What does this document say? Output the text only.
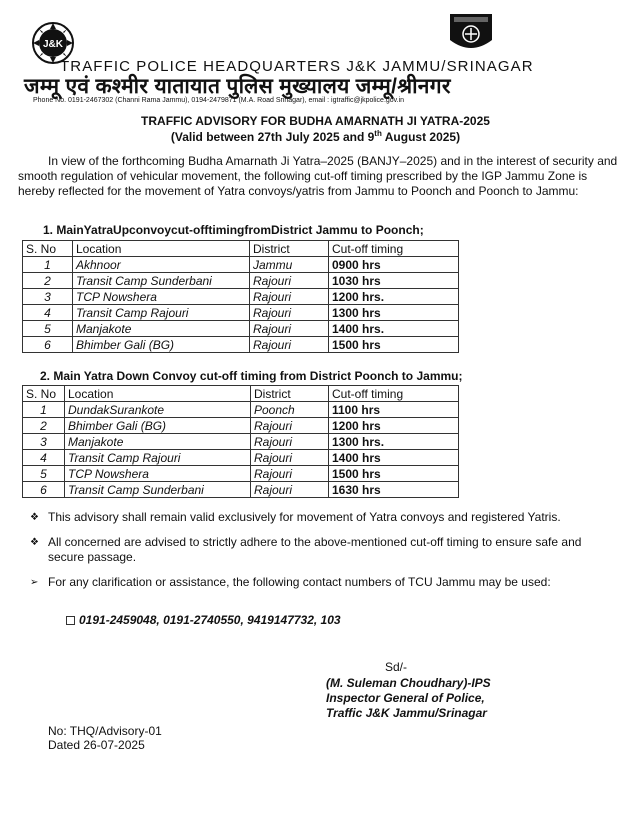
J&K
TRAFFIC POLICE HEADQUARTERS J&K JAMMU/SRINAGAR
जम्मू एवं कश्मीर यातायात पुलिस मुख्यालय जम्मू/श्रीनगर
Phone No. 0191-2467302 (Channi Rama Jammu), 0194-2479871 (M.A. Road Srinagar), email : igtraffic@jkpolice.gov.in
TRAFFIC ADVISORY FOR BUDHA AMARNATH JI YATRA-2025
(Valid between 27th July 2025 and 9th August 2025)
In view of the forthcoming Budha Amarnath Ji Yatra–2025 (BANJY–2025) and in the interest of security and smooth regulation of vehicular movement, the following cut-off timing prescribed by the IGP Jammu Zone is hereby reflected for the movement of Yatra convoys/yatris from Jammu to Poonch and Poonch to Jammu:
1. MainYatraUpconvoycut-offtimingfromDistrict Jammu to Poonch;
S. No	Location	District	Cut-off timing
1	Akhnoor	Jammu	0900 hrs
2	Transit Camp Sunderbani	Rajouri	1030 hrs
3	TCP Nowshera	Rajouri	1200 hrs.
4	Transit Camp Rajouri	Rajouri	1300 hrs
5	Manjakote	Rajouri	1400 hrs.
6	Bhimber Gali (BG)	Rajouri	1500 hrs
2. Main Yatra Down Convoy cut-off timing from District Poonch to Jammu;
S. No	Location	District	Cut-off timing
1	DundakSurankote	Poonch	1100 hrs
2	Bhimber Gali (BG)	Rajouri	1200 hrs
3	Manjakote	Rajouri	1300 hrs.
4	Transit Camp Rajouri	Rajouri	1400 hrs
5	TCP Nowshera	Rajouri	1500 hrs
6	Transit Camp Sunderbani	Rajouri	1630 hrs
❖ This advisory shall remain valid exclusively for movement of Yatra convoys and registered Yatris.
❖ All concerned are advised to strictly adhere to the above-mentioned cut-off timing to ensure safe and secure passage.
➢ For any clarification or assistance, the following contact numbers of TCU Jammu may be used:
0191-2459048, 0191-2740550, 9419147732, 103
Sd/-
(M. Suleman Choudhary)-IPS
Inspector General of Police,
Traffic J&K Jammu/Srinagar
No: THQ/Advisory-01
Dated 26-07-2025
